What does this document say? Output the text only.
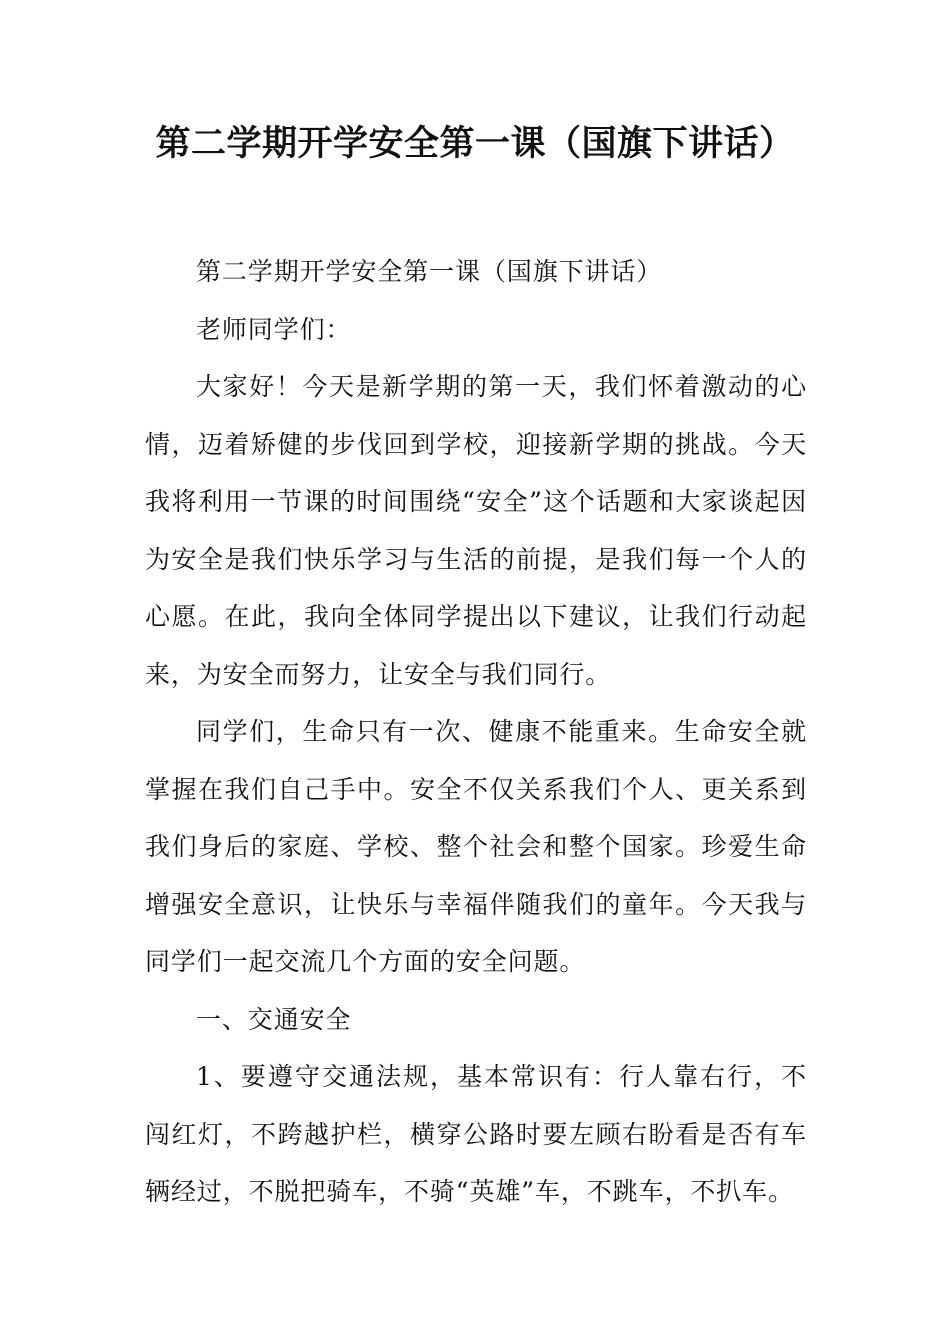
第二学期开学安全第一课（国旗下讲话）

第二学期开学安全第一课（国旗下讲话）

老师同学们：

大家好！今天是新学期的第一天，我们怀着激动的心情，迈着矫健的步伐回到学校，迎接新学期的挑战。今天我将利用一节课的时间围绕“安全”这个话题和大家谈起因为安全是我们快乐学习与生活的前提，是我们每一个人的心愿。在此，我向全体同学提出以下建议，让我们行动起来，为安全而努力，让安全与我们同行。

同学们，生命只有一次、健康不能重来。生命安全就掌握在我们自己手中。安全不仅关系我们个人、更关系到我们身后的家庭、学校、整个社会和整个国家。珍爱生命增强安全意识，让快乐与幸福伴随我们的童年。今天我与同学们一起交流几个方面的安全问题。

一、交通安全

1、要遵守交通法规，基本常识有：行人靠右行，不闯红灯，不跨越护栏，横穿公路时要左顾右盼看是否有车辆经过，不脱把骑车，不骑“英雄”车，不跳车，不扒车。
